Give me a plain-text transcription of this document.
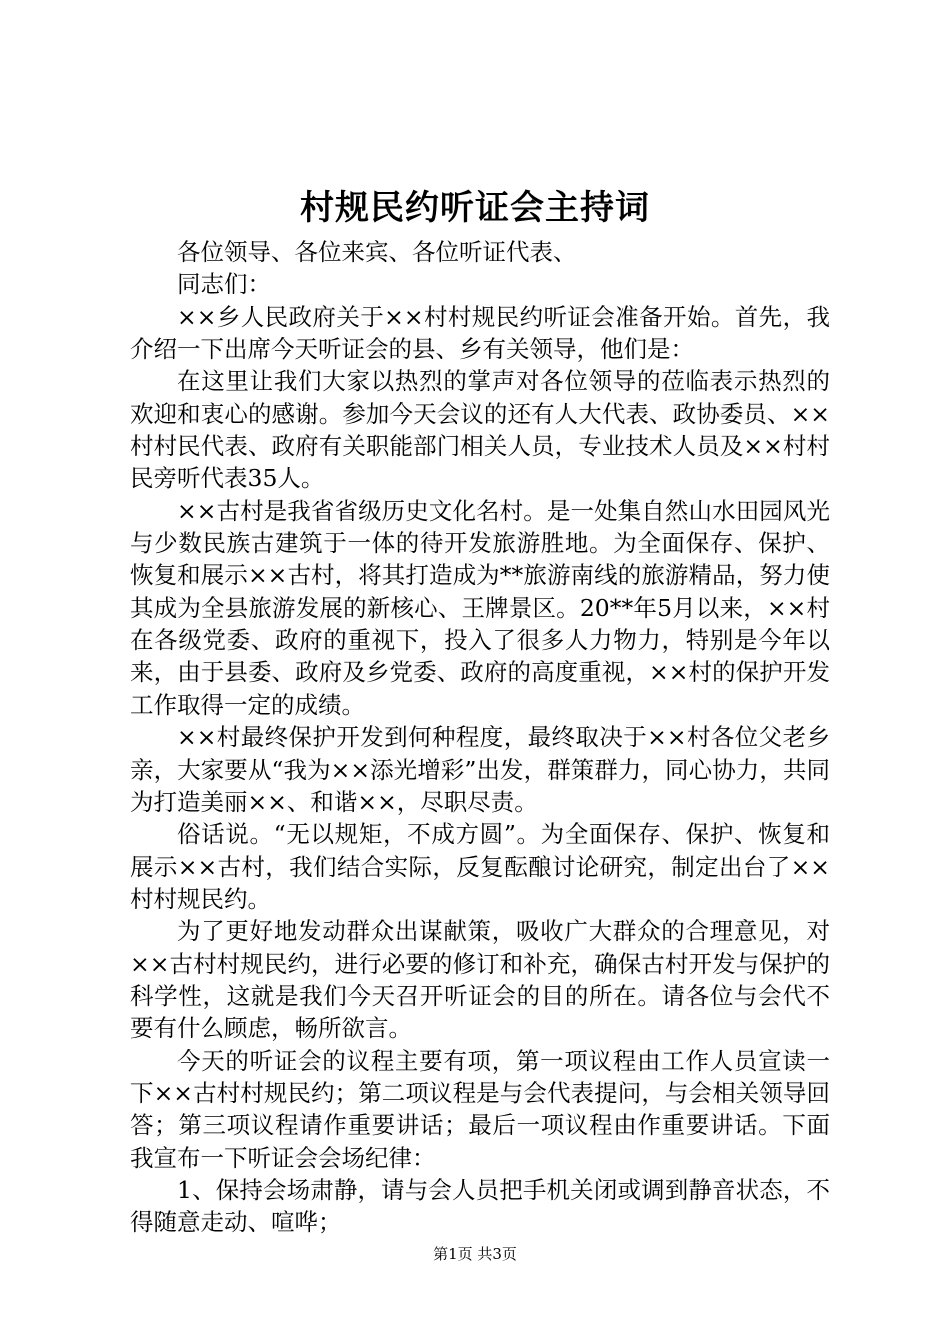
村规民约听证会主持词

各位领导、各位来宾、各位听证代表、

同志们：

××乡人民政府关于××村村规民约听证会准备开始。首先，我介绍一下出席今天听证会的县、乡有关领导，他们是：

在这里让我们大家以热烈的掌声对各位领导的莅临表示热烈的欢迎和衷心的感谢。参加今天会议的还有人大代表、政协委员、××村村民代表、政府有关职能部门相关人员，专业技术人员及××村村民旁听代表35人。

××古村是我省省级历史文化名村。是一处集自然山水田园风光与少数民族古建筑于一体的待开发旅游胜地。为全面保存、保护、恢复和展示××古村，将其打造成为**旅游南线的旅游精品，努力使其成为全县旅游发展的新核心、王牌景区。20**年5月以来，××村在各级党委、政府的重视下，投入了很多人力物力，特别是今年以来，由于县委、政府及乡党委、政府的高度重视，××村的保护开发工作取得一定的成绩。

××村最终保护开发到何种程度，最终取决于××村各位父老乡亲，大家要从“我为××添光增彩”出发，群策群力，同心协力，共同为打造美丽××、和谐××，尽职尽责。

俗话说。“无以规矩，不成方圆”。为全面保存、保护、恢复和展示××古村，我们结合实际，反复酝酿讨论研究，制定出台了××村村规民约。

为了更好地发动群众出谋献策，吸收广大群众的合理意见，对××古村村规民约，进行必要的修订和补充，确保古村开发与保护的科学性，这就是我们今天召开听证会的目的所在。请各位与会代不要有什么顾虑，畅所欲言。

今天的听证会的议程主要有项，第一项议程由工作人员宣读一下××古村村规民约；第二项议程是与会代表提问，与会相关领导回答；第三项议程请作重要讲话；最后一项议程由作重要讲话。下面我宣布一下听证会会场纪律：

1、保持会场肃静，请与会人员把手机关闭或调到静音状态，不得随意走动、喧哗；

第1页 共3页
